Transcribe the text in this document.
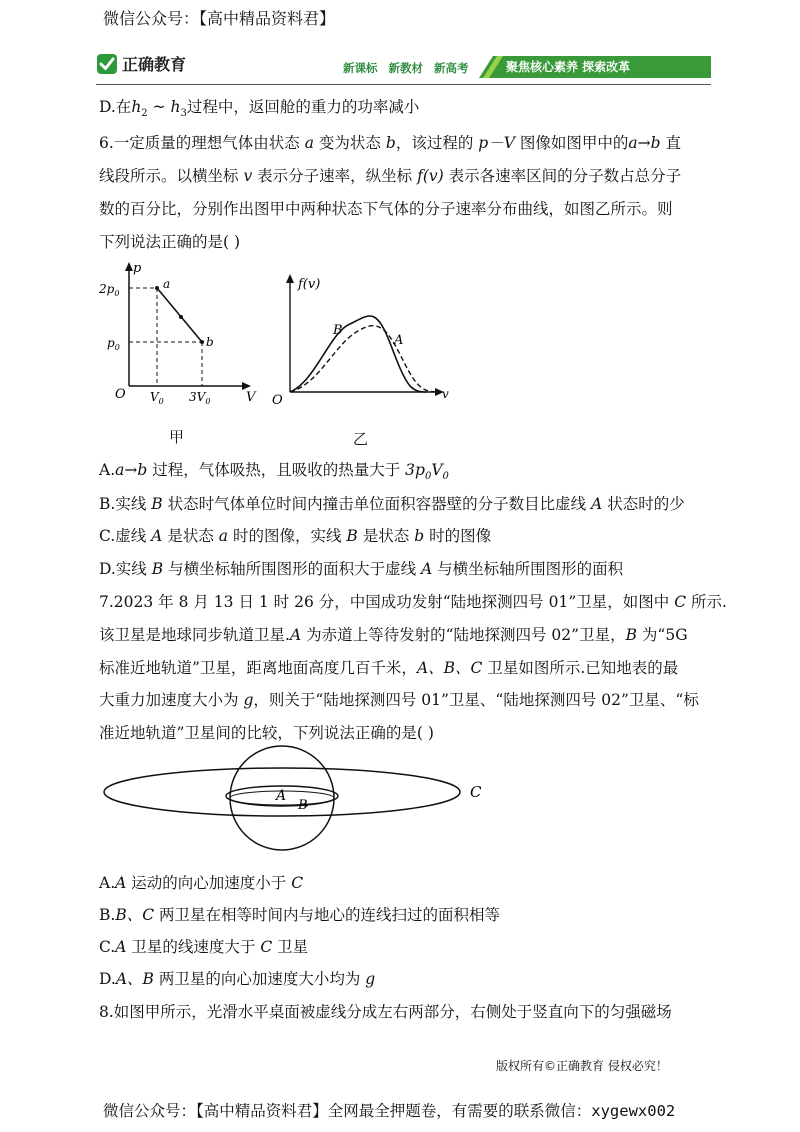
微信公众号：【高中精品资料君】
正确教育	新课标 新教材 新高考	聚焦核心素养 探索改革
D.在$h_2$ ~ $h_3$过程中，返回舱的重力的功率减小
6.一定质量的理想气体由状态 a 变为状态 b，该过程的 p－V 图像如图甲中的a→b 直
线段所示。以横坐标 v 表示分子速率，纵坐标 f(v) 表示各速率区间的分子数占总分子
数的百分比，分别作出图甲中两种状态下气体的分子速率分布曲线，如图乙所示。则
下列说法正确的是( )
p
V
O
$2p_0$
$p_0$
$V_0$ $3V_0$
a
b
甲
f(v)
v
O
B
A
乙
A.a→b 过程，气体吸热，且吸收的热量大于 $3p_0V_0$
B.实线 B 状态时气体单位时间内撞击单位面积容器壁的分子数目比虚线 A 状态时的少
C.虚线 A 是状态 a 时的图像，实线 B 是状态 b 时的图像
D.实线 B 与横坐标轴所围图形的面积大于虚线 A 与横坐标轴所围图形的面积
7.2023 年 8 月 13 日 1 时 26 分，中国成功发射“陆地探测四号 01”卫星，如图中 C 所示.
该卫星是地球同步轨道卫星.A 为赤道上等待发射的“陆地探测四号 02”卫星，B 为“5G
标准近地轨道”卫星，距离地面高度几百千米，A、B、C 卫星如图所示.已知地表的最
大重力加速度大小为 g，则关于“陆地探测四号 01”卫星、“陆地探测四号 02”卫星、“标
准近地轨道”卫星间的比较，下列说法正确的是( )
A
B
C
A.A 运动的向心加速度小于 C
B.B、C 两卫星在相等时间内与地心的连线扫过的面积相等
C.A 卫星的线速度大于 C 卫星
D.A、B 两卫星的向心加速度大小均为 g
8.如图甲所示，光滑水平桌面被虚线分成左右两部分，右侧处于竖直向下的匀强磁场
版权所有©正确教育 侵权必究！
微信公众号：【高中精品资料君】全网最全押题卷，有需要的联系微信：xygewx002
